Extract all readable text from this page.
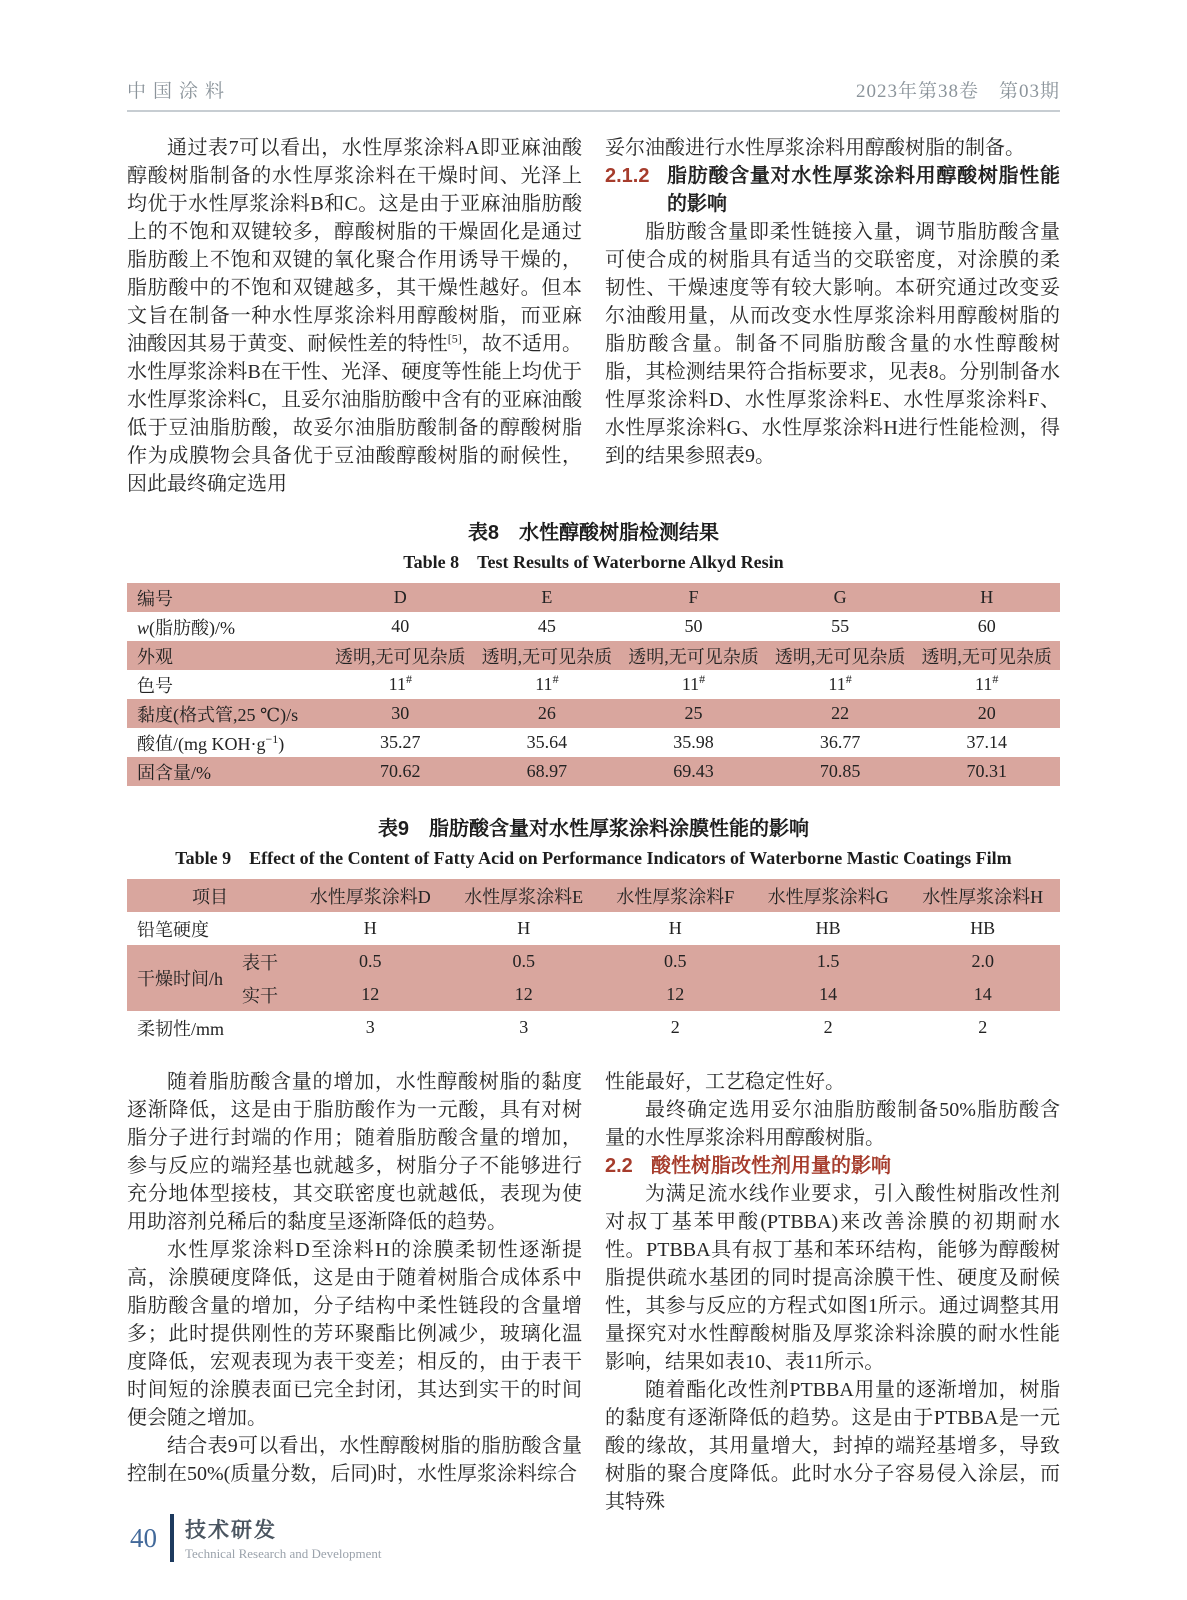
中国涂料	2023年第38卷　第03期

通过表7可以看出，水性厚浆涂料A即亚麻油酸醇酸树脂制备的水性厚浆涂料在干燥时间、光泽上均优于水性厚浆涂料B和C。这是由于亚麻油脂肪酸上的不饱和双键较多，醇酸树脂的干燥固化是通过脂肪酸上不饱和双键的氧化聚合作用诱导干燥的，脂肪酸中的不饱和双键越多，其干燥性越好。但本文旨在制备一种水性厚浆涂料用醇酸树脂，而亚麻油酸因其易于黄变、耐候性差的特性[5]，故不适用。水性厚浆涂料B在干性、光泽、硬度等性能上均优于水性厚浆涂料C，且妥尔油脂肪酸中含有的亚麻油酸低于豆油脂肪酸，故妥尔油脂肪酸制备的醇酸树脂作为成膜物会具备优于豆油酸醇酸树脂的耐候性，因此最终确定选用

妥尔油酸进行水性厚浆涂料用醇酸树脂的制备。

2.1.2 脂肪酸含量对水性厚浆涂料用醇酸树脂性能的影响

脂肪酸含量即柔性链接入量，调节脂肪酸含量可使合成的树脂具有适当的交联密度，对涂膜的柔韧性、干燥速度等有较大影响。本研究通过改变妥尔油酸用量，从而改变水性厚浆涂料用醇酸树脂的脂肪酸含量。制备不同脂肪酸含量的水性醇酸树脂，其检测结果符合指标要求，见表8。分别制备水性厚浆涂料D、水性厚浆涂料E、水性厚浆涂料F、水性厚浆涂料G、水性厚浆涂料H进行性能检测，得到的结果参照表9。

表8　水性醇酸树脂检测结果
Table 8　Test Results of Waterborne Alkyd Resin
编号	D	E	F	G	H
w(脂肪酸)/%	40	45	50	55	60
外观	透明,无可见杂质	透明,无可见杂质	透明,无可见杂质	透明,无可见杂质	透明,无可见杂质
色号	11#	11#	11#	11#	11#
黏度(格式管,25 ℃)/s	30	26	25	22	20
酸值/(mg $KOH\cdot g^{-1}$)	35.27	35.64	35.98	36.77	37.14
固含量/%	70.62	68.97	69.43	70.85	70.31
表9　脂肪酸含量对水性厚浆涂料涂膜性能的影响
Table 9　Effect of the Content of Fatty Acid on Performance Indicators of Waterborne Mastic Coatings Film
项目		水性厚浆涂料D	水性厚浆涂料E	水性厚浆涂料F	水性厚浆涂料G	水性厚浆涂料H
铅笔硬度		H	H	H	HB	HB
干燥时间/h	表干	0.5	0.5	0.5	1.5	2.0
	实干	12	12	12	14	14
柔韧性/mm		3	3	2	2	2

随着脂肪酸含量的增加，水性醇酸树脂的黏度逐渐降低，这是由于脂肪酸作为一元酸，具有对树脂分子进行封端的作用；随着脂肪酸含量的增加，参与反应的端羟基也就越多，树脂分子不能够进行充分地体型接枝，其交联密度也就越低，表现为使用助溶剂兑稀后的黏度呈逐渐降低的趋势。

水性厚浆涂料D至涂料H的涂膜柔韧性逐渐提高，涂膜硬度降低，这是由于随着树脂合成体系中脂肪酸含量的增加，分子结构中柔性链段的含量增多；此时提供刚性的芳环聚酯比例减少，玻璃化温度降低，宏观表现为表干变差；相反的，由于表干时间短的涂膜表面已完全封闭，其达到实干的时间便会随之增加。

结合表9可以看出，水性醇酸树脂的脂肪酸含量控制在50%(质量分数，后同)时，水性厚浆涂料综合

性能最好，工艺稳定性好。

最终确定选用妥尔油脂肪酸制备50%脂肪酸含量的水性厚浆涂料用醇酸树脂。

2.2 酸性树脂改性剂用量的影响

为满足流水线作业要求，引入酸性树脂改性剂对叔丁基苯甲酸(PTBBA)来改善涂膜的初期耐水性。PTBBA具有叔丁基和苯环结构，能够为醇酸树脂提供疏水基团的同时提高涂膜干性、硬度及耐候性，其参与反应的方程式如图1所示。通过调整其用量探究对水性醇酸树脂及厚浆涂料涂膜的耐水性能影响，结果如表10、表11所示。

随着酯化改性剂PTBBA用量的逐渐增加，树脂的黏度有逐渐降低的趋势。这是由于PTBBA是一元酸的缘故，其用量增大，封掉的端羟基增多，导致树脂的聚合度降低。此时水分子容易侵入涂层，而其特殊

40 技术研发
Technical Research and Development
